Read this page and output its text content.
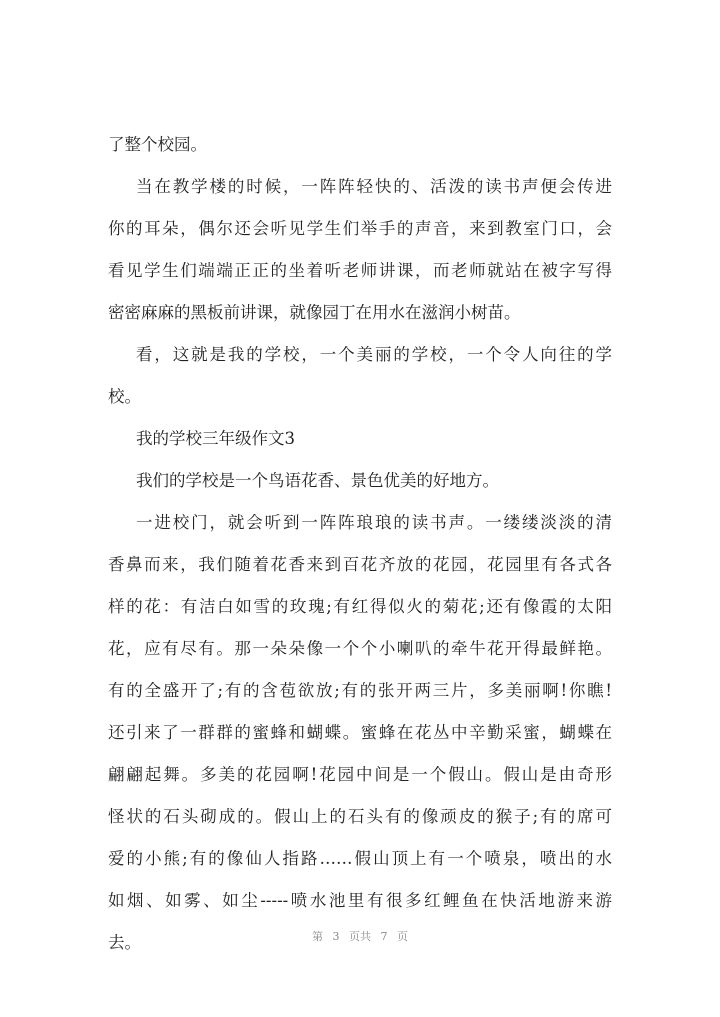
了整个校园。
当在教学楼的时候，一阵阵轻快的、活泼的读书声便会传进
你的耳朵，偶尔还会听见学生们举手的声音，来到教室门口，会
看见学生们端端正正的坐着听老师讲课，而老师就站在被字写得
密密麻麻的黑板前讲课，就像园丁在用水在滋润小树苗。
看，这就是我的学校，一个美丽的学校，一个令人向往的学
校。
我的学校三年级作文3
我们的学校是一个鸟语花香、景色优美的好地方。
一进校门，就会听到一阵阵琅琅的读书声。一缕缕淡淡的清
香鼻而来，我们随着花香来到百花齐放的花园，花园里有各式各
样的花：有洁白如雪的玫瑰;有红得似火的菊花;还有像霞的太阳
花，应有尽有。那一朵朵像一个个小喇叭的牵牛花开得最鲜艳。
有的全盛开了;有的含苞欲放;有的张开两三片，多美丽啊!你瞧!
还引来了一群群的蜜蜂和蝴蝶。蜜蜂在花丛中辛勤采蜜，蝴蝶在
翩翩起舞。多美的花园啊!花园中间是一个假山。假山是由奇形
怪状的石头砌成的。假山上的石头有的像顽皮的猴子;有的席可
爱的小熊;有的像仙人指路……假山顶上有一个喷泉，喷出的水
如烟、如雾、如尘-----喷水池里有很多红鲤鱼在快活地游来游
去。	第 3 页共 7 页
